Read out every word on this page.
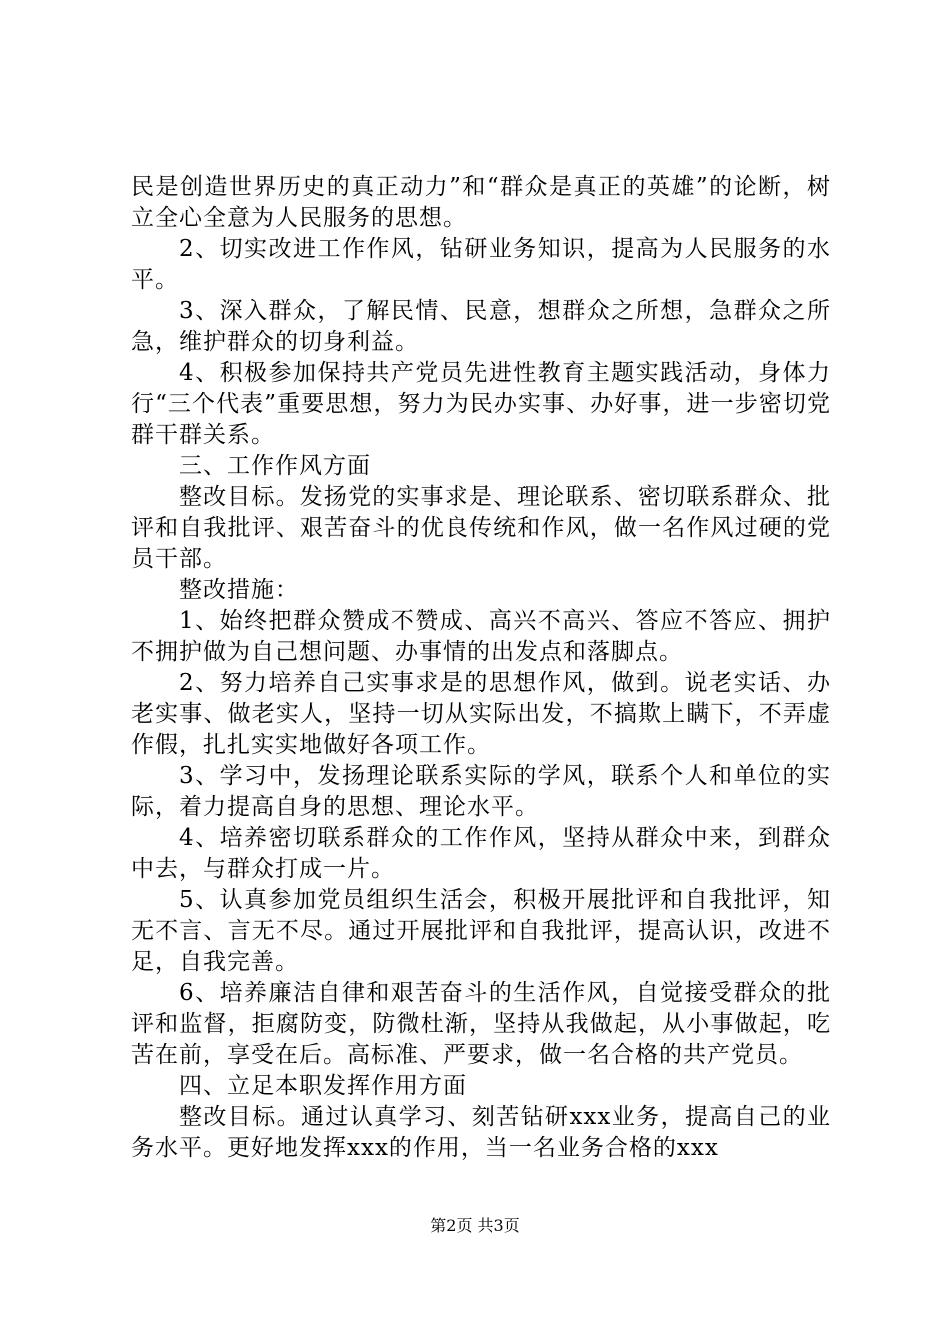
民是创造世界历史的真正动力”和“群众是真正的英雄”的论断，树立全心全意为人民服务的思想。

2、切实改进工作作风，钻研业务知识，提高为人民服务的水平。

3、深入群众，了解民情、民意，想群众之所想，急群众之所急，维护群众的切身利益。

4、积极参加保持共产党员先进性教育主题实践活动，身体力行“三个代表”重要思想，努力为民办实事、办好事，进一步密切党群干群关系。

三、工作作风方面

整改目标。发扬党的实事求是、理论联系、密切联系群众、批评和自我批评、艰苦奋斗的优良传统和作风，做一名作风过硬的党员干部。

整改措施：

1、始终把群众赞成不赞成、高兴不高兴、答应不答应、拥护不拥护做为自己想问题、办事情的出发点和落脚点。

2、努力培养自己实事求是的思想作风，做到。说老实话、办老实事、做老实人，坚持一切从实际出发，不搞欺上瞒下，不弄虚作假，扎扎实实地做好各项工作。

3、学习中，发扬理论联系实际的学风，联系个人和单位的实际，着力提高自身的思想、理论水平。

4、培养密切联系群众的工作作风，坚持从群众中来，到群众中去，与群众打成一片。

5、认真参加党员组织生活会，积极开展批评和自我批评，知无不言、言无不尽。通过开展批评和自我批评，提高认识，改进不足，自我完善。

6、培养廉洁自律和艰苦奋斗的生活作风，自觉接受群众的批评和监督，拒腐防变，防微杜渐，坚持从我做起，从小事做起，吃苦在前，享受在后。高标准、严要求，做一名合格的共产党员。

四、立足本职发挥作用方面

整改目标。通过认真学习、刻苦钻研xxx业务，提高自己的业务水平。更好地发挥xxx的作用，当一名业务合格的xxx

第2页 共3页
